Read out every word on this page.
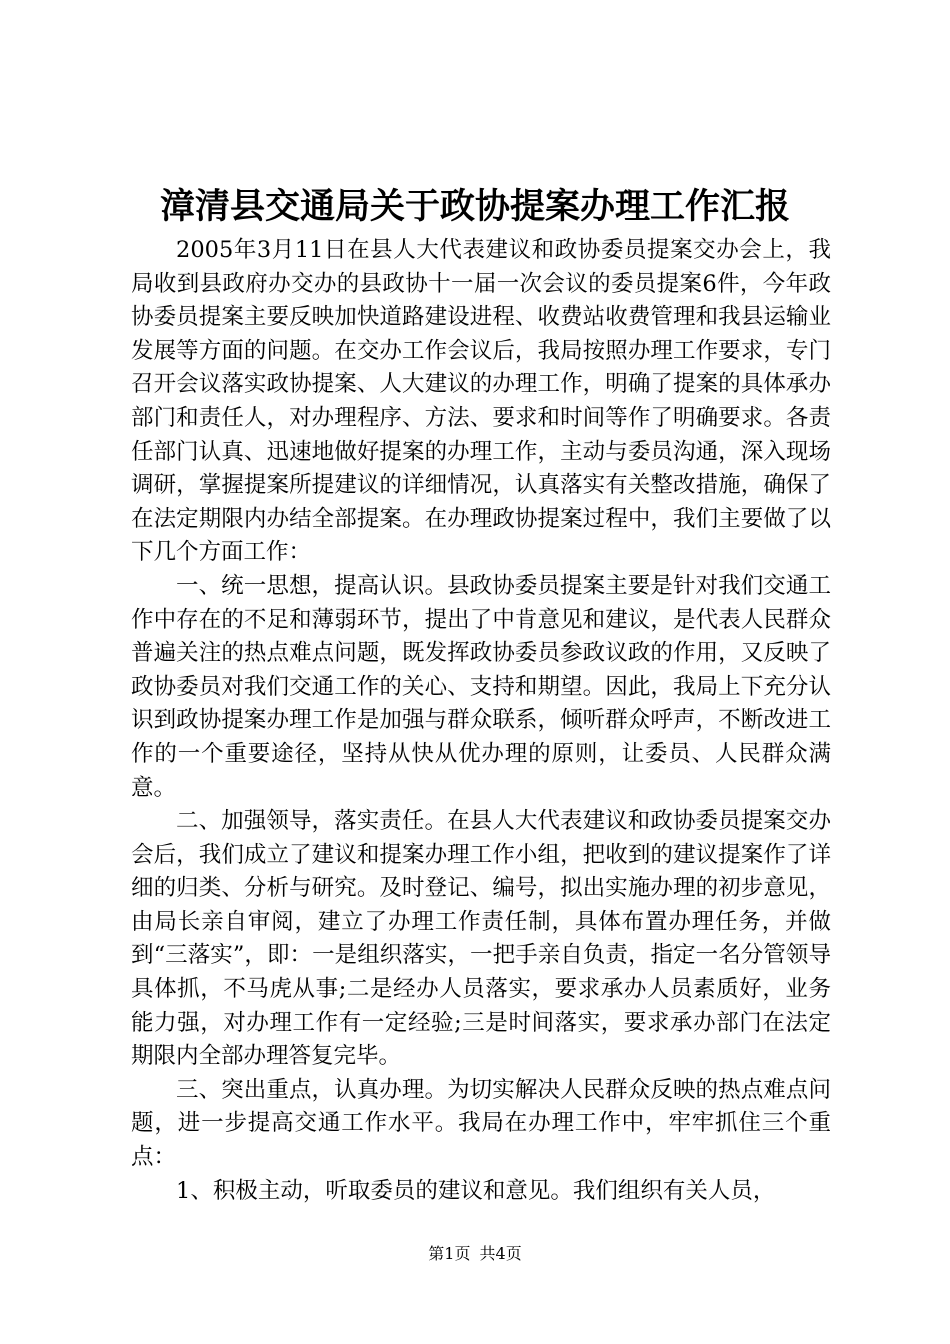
漳清县交通局关于政协提案办理工作汇报

2005年3月11日在县人大代表建议和政协委员提案交办会上，我局收到县政府办交办的县政协十一届一次会议的委员提案6件，今年政协委员提案主要反映加快道路建设进程、收费站收费管理和我县运输业发展等方面的问题。在交办工作会议后，我局按照办理工作要求，专门召开会议落实政协提案、人大建议的办理工作，明确了提案的具体承办部门和责任人，对办理程序、方法、要求和时间等作了明确要求。各责任部门认真、迅速地做好提案的办理工作，主动与委员沟通，深入现场调研，掌握提案所提建议的详细情况，认真落实有关整改措施，确保了在法定期限内办结全部提案。在办理政协提案过程中，我们主要做了以下几个方面工作：

一、统一思想，提高认识。县政协委员提案主要是针对我们交通工作中存在的不足和薄弱环节，提出了中肯意见和建议，是代表人民群众普遍关注的热点难点问题，既发挥政协委员参政议政的作用，又反映了政协委员对我们交通工作的关心、支持和期望。因此，我局上下充分认识到政协提案办理工作是加强与群众联系，倾听群众呼声，不断改进工作的一个重要途径，坚持从快从优办理的原则，让委员、人民群众满意。

二、加强领导，落实责任。在县人大代表建议和政协委员提案交办会后，我们成立了建议和提案办理工作小组，把收到的建议提案作了详细的归类、分析与研究。及时登记、编号，拟出实施办理的初步意见，由局长亲自审阅，建立了办理工作责任制，具体布置办理任务，并做到“三落实”，即：一是组织落实，一把手亲自负责，指定一名分管领导具体抓，不马虎从事;二是经办人员落实，要求承办人员素质好，业务能力强，对办理工作有一定经验;三是时间落实，要求承办部门在法定期限内全部办理答复完毕。

三、突出重点，认真办理。为切实解决人民群众反映的热点难点问题，进一步提高交通工作水平。我局在办理工作中，牢牢抓住三个重点：

1、积极主动，听取委员的建议和意见。我们组织有关人员，

第1页 共4页
